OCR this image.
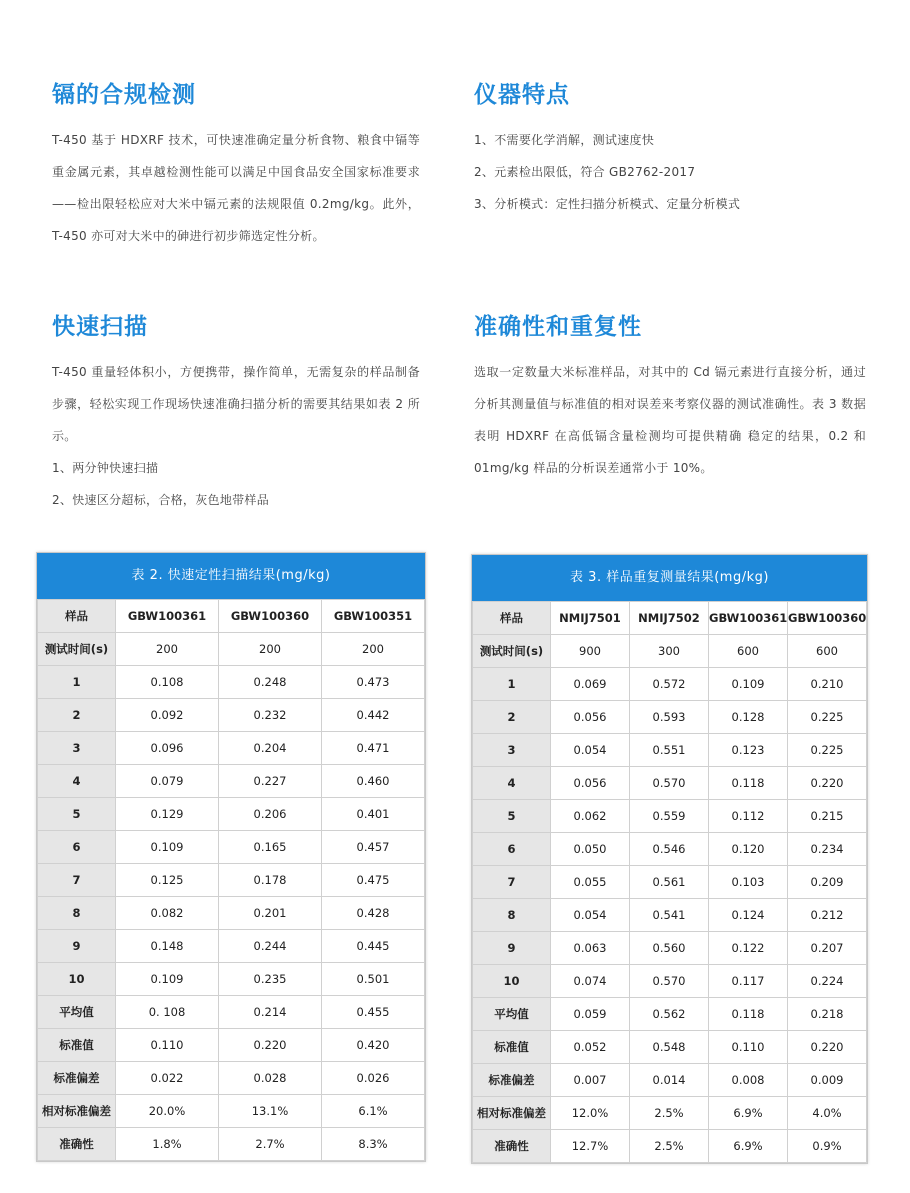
镉的合规检测

T-450 基于 HDXRF 技术，可快速准确定量分析食物、粮食中镉等重金属元素，其卓越检测性能可以满足中国食品安全国家标准要求——检出限轻松应对大米中镉元素的法规限值 0.2mg/kg。此外，T-450 亦可对大米中的砷进行初步筛选定性分析。

仪器特点

1、不需要化学消解，测试速度快

2、元素检出限低，符合 GB2762-2017

3、分析模式：定性扫描分析模式、定量分析模式

快速扫描

T-450 重量轻体积小，方便携带，操作简单，无需复杂的样品制备步骤，轻松实现工作现场快速准确扫描分析的需要其结果如表 2 所示。

1、两分钟快速扫描

2、快速区分超标，合格，灰色地带样品

准确性和重复性

选取一定数量大米标准样品，对其中的 Cd 镉元素进行直接分析，通过分析其测量值与标准值的相对误差来考察仪器的测试准确性。表 3 数据表明 HDXRF 在高低镉含量检测均可提供精确 稳定的结果，0.2 和 01mg/kg 样品的分析误差通常小于 10%。

表 2. 快速定性扫描结果(mg/kg)
样品	GBW100361	GBW100360	GBW100351
测试时间(s)	200	200	200
1	0.108	0.248	0.473
2	0.092	0.232	0.442
3	0.096	0.204	0.471
4	0.079	0.227	0.460
5	0.129	0.206	0.401
6	0.109	0.165	0.457
7	0.125	0.178	0.475
8	0.082	0.201	0.428
9	0.148	0.244	0.445
10	0.109	0.235	0.501
平均值	0. 108	0.214	0.455
标准值	0.110	0.220	0.420
标准偏差	0.022	0.028	0.026
相对标准偏差	20.0%	13.1%	6.1%
准确性	1.8%	2.7%	8.3%
表 3. 样品重复测量结果(mg/kg)
样品	NMIJ7501	NMIJ7502	GBW100361	GBW100360
测试时间(s)	900	300	600	600
1	0.069	0.572	0.109	0.210
2	0.056	0.593	0.128	0.225
3	0.054	0.551	0.123	0.225
4	0.056	0.570	0.118	0.220
5	0.062	0.559	0.112	0.215
6	0.050	0.546	0.120	0.234
7	0.055	0.561	0.103	0.209
8	0.054	0.541	0.124	0.212
9	0.063	0.560	0.122	0.207
10	0.074	0.570	0.117	0.224
平均值	0.059	0.562	0.118	0.218
标准值	0.052	0.548	0.110	0.220
标准偏差	0.007	0.014	0.008	0.009
相对标准偏差	12.0%	2.5%	6.9%	4.0%
准确性	12.7%	2.5%	6.9%	0.9%
